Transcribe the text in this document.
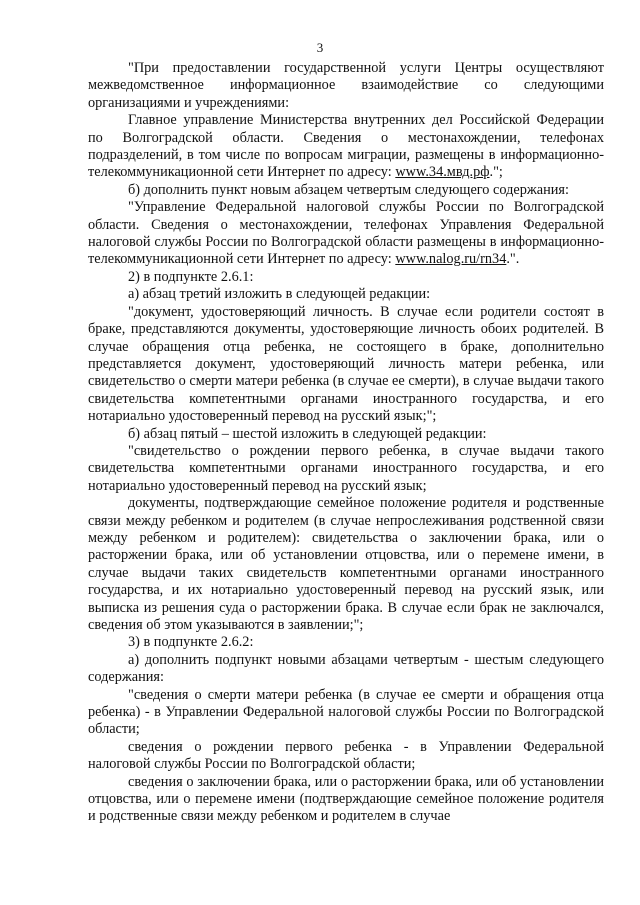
3

"При предоставлении государственной услуги Центры осуществляют межведомственное информационное взаимодействие со следующими организациями и учреждениями:

Главное управление Министерства внутренних дел Российской Федерации по Волгоградской области. Сведения о местонахождении, телефонах подразделений, в том числе по вопросам миграции, размещены в информационно-телекоммуникационной сети Интернет по адресу: www.34.мвд.рф.";

б) дополнить пункт новым абзацем четвертым следующего содержания:

"Управление Федеральной налоговой службы России по Волгоградской области. Сведения о местонахождении, телефонах Управления Федеральной налоговой службы России по Волгоградской области размещены в информационно-телекоммуникационной сети Интернет по адресу: www.nalog.ru/rn34.".

2) в подпункте 2.6.1:

а) абзац третий изложить в следующей редакции:

"документ, удостоверяющий личность. В случае если родители состоят в браке, представляются документы, удостоверяющие личность обоих родителей. В случае обращения отца ребенка, не состоящего в браке, дополнительно представляется документ, удостоверяющий личность матери ребенка, или свидетельство о смерти матери ребенка (в случае ее смерти), в случае выдачи такого свидетельства компетентными органами иностранного государства, и его нотариально удостоверенный перевод на русский язык;";

б) абзац пятый – шестой изложить в следующей редакции:

"свидетельство о рождении первого ребенка, в случае выдачи такого свидетельства компетентными органами иностранного государства, и его нотариально удостоверенный перевод на русский язык;

документы, подтверждающие семейное положение родителя и родственные связи между ребенком и родителем (в случае непрослеживания родственной связи между ребенком и родителем): свидетельства о заключении брака, или о расторжении брака, или об установлении отцовства, или о перемене имени, в случае выдачи таких свидетельств компетентными органами иностранного государства, и их нотариально удостоверенный перевод на русский язык, или выписка из решения суда о расторжении брака. В случае если брак не заключался, сведения об этом указываются в заявлении;";

3) в подпункте 2.6.2:

а) дополнить подпункт новыми абзацами четвертым - шестым следующего содержания:

"сведения о смерти матери ребенка (в случае ее смерти и обращения отца ребенка) - в Управлении Федеральной налоговой службы России по Волгоградской области;

сведения о рождении первого ребенка - в Управлении Федеральной налоговой службы России по Волгоградской области;

сведения о заключении брака, или о расторжении брака, или об установлении отцовства, или о перемене имени (подтверждающие семейное положение родителя и родственные связи между ребенком и родителем в случае
